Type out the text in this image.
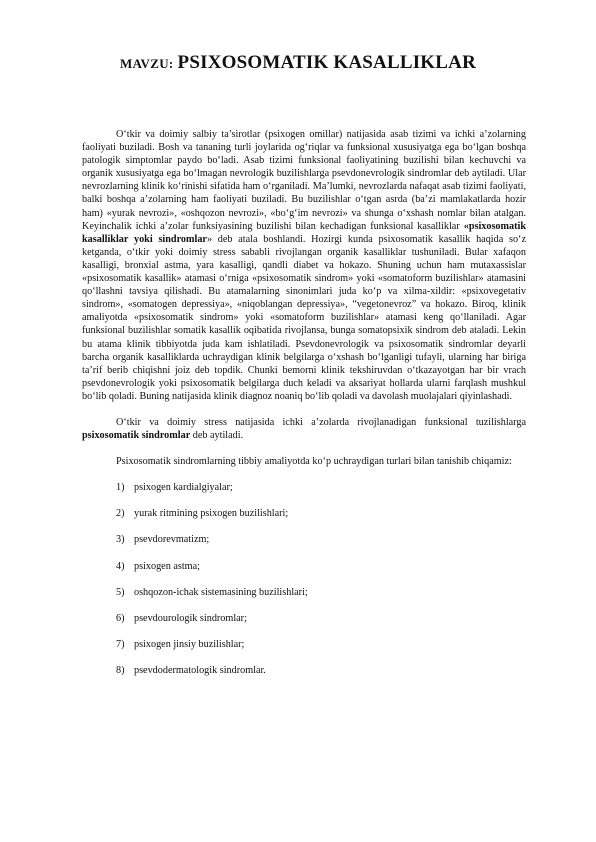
MAVZU: PSIXOSOMATIK KASALLIKLAR

O‘tkir va doimiy salbiy ta’sirotlar (psixogen omillar) natijasida asab tizimi va ichki a’zolarning faoliyati buziladi. Bosh va tananing turli joylarida og‘riqlar va funksional xususiyatga ega bo‘lgan boshqa patologik simptomlar paydo bo‘ladi. Asab tizimi funksional faoliyatining buzilishi bilan kechuvchi va organik xususiyatga ega bo‘lmagan nevrologik buzilishlarga psevdonevrologik sindromlar deb aytiladi. Ular nevrozlarning klinik ko‘rinishi sifatida ham o‘rganiladi. Ma’lumki, nevrozlarda nafaqat asab tizimi faoliyati, balki boshqa a’zolarning ham faoliyati buziladi. Bu buzilishlar o‘tgan asrda (ba’zi mamlakatlarda hozir ham) «yurak nevrozi», «oshqozon nevrozi», «bo‘g‘im nevrozi» va shunga o‘xshash nomlar bilan atalgan. Keyinchalik ichki a’zolar funksiyasining buzilishi bilan kechadigan funksional kasalliklar «psixosomatik kasalliklar yoki sindromlar» deb atala boshlandi. Hozirgi kunda psixosomatik kasallik haqida so‘z ketganda, o‘tkir yoki doimiy stress sababli rivojlangan organik kasalliklar tushuniladi. Bular xafaqon kasalligi, bronxial astma, yara kasalligi, qandli diabet va hokazo. Shuning uchun ham mutaxassislar «psixosomatik kasallik» atamasi o‘rniga «psixosomatik sindrom» yoki «somatoform buzilishlar» atamasini qo‘llashni tavsiya qilishadi. Bu atamalarning sinonimlari juda ko‘p va xilma-xildir: «psixovegetativ sindrom», «somatogen depressiya», «niqoblangan depressiya», “vegetonevroz” va hokazo. Biroq, klinik amaliyotda «psixosomatik sindrom» yoki «somatoform buzilishlar» atamasi keng qo‘llaniladi. Agar funksional buzilishlar somatik kasallik oqibatida rivojlansa, bunga somatopsixik sindrom deb ataladi. Lekin bu atama klinik tibbiyotda juda kam ishlatiladi. Psevdonevrologik va psixosomatik sindromlar deyarli barcha organik kasalliklarda uchraydigan klinik belgilarga o‘xshash bo‘lganligi tufayli, ularning har biriga ta’rif berib chiqishni joiz deb topdik. Chunki bemorni klinik tekshiruvdan o‘tkazayotgan har bir vrach psevdonevrologik yoki psixosomatik belgilarga duch keladi va aksariyat hollarda ularni farqlash mushkul bo‘lib qoladi. Buning natijasida klinik diagnoz noaniq bo‘lib qoladi va davolash muolajalari qiyinlashadi.

O‘tkir va doimiy stress natijasida ichki a’zolarda rivojlanadigan funksional tuzilishlarga psixosomatik sindromlar deb aytiladi.

Psixosomatik sindromlarning tibbiy amaliyotda ko‘p uchraydigan turlari bilan tanishib chiqamiz:

1) psixogen kardialgiyalar;
2) yurak ritmining psixogen buzilishlari;
3) psevdorevmatizm;
4) psixogen astma;
5) oshqozon-ichak sistemasining buzilishlari;
6) psevdourologik sindromlar;
7) psixogen jinsiy buzilishlar;
8) psevdodermatologik sindromlar.
